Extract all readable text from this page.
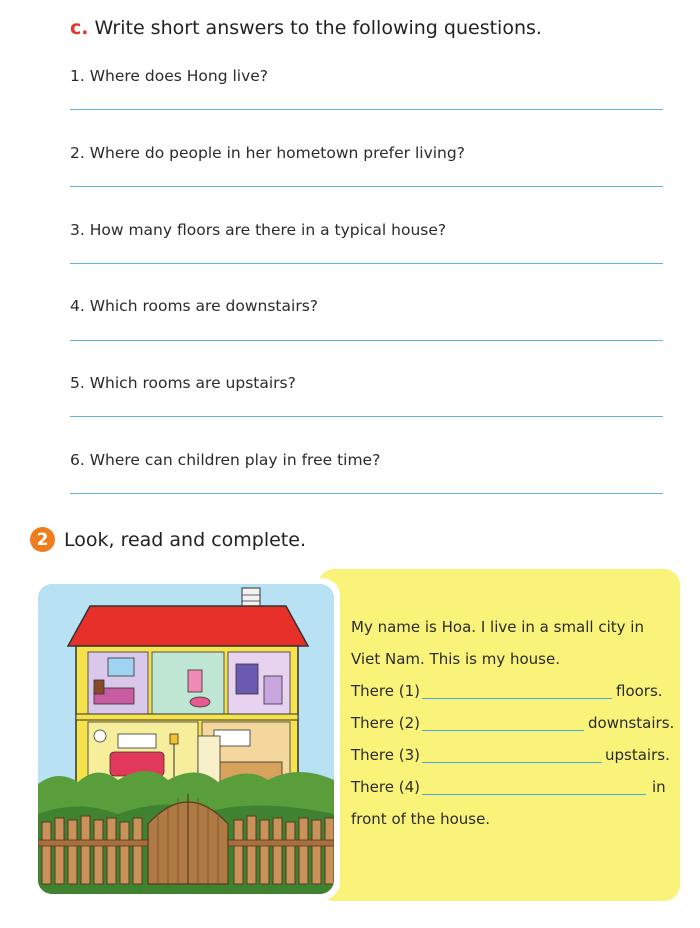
c. Write short answers to the following questions.
1. Where does Hong live?
2. Where do people in her hometown prefer living?
3. How many floors are there in a typical house?
4. Which rooms are downstairs?
5. Which rooms are upstairs?
6. Where can children play in free time?
2 Look, read and complete.
My name is Hoa. I live in a small city in
Viet Nam. This is my house.
There (1)	floors.
There (2)	downstairs.
There (3)	upstairs.
There (4)	in
front of the house.
